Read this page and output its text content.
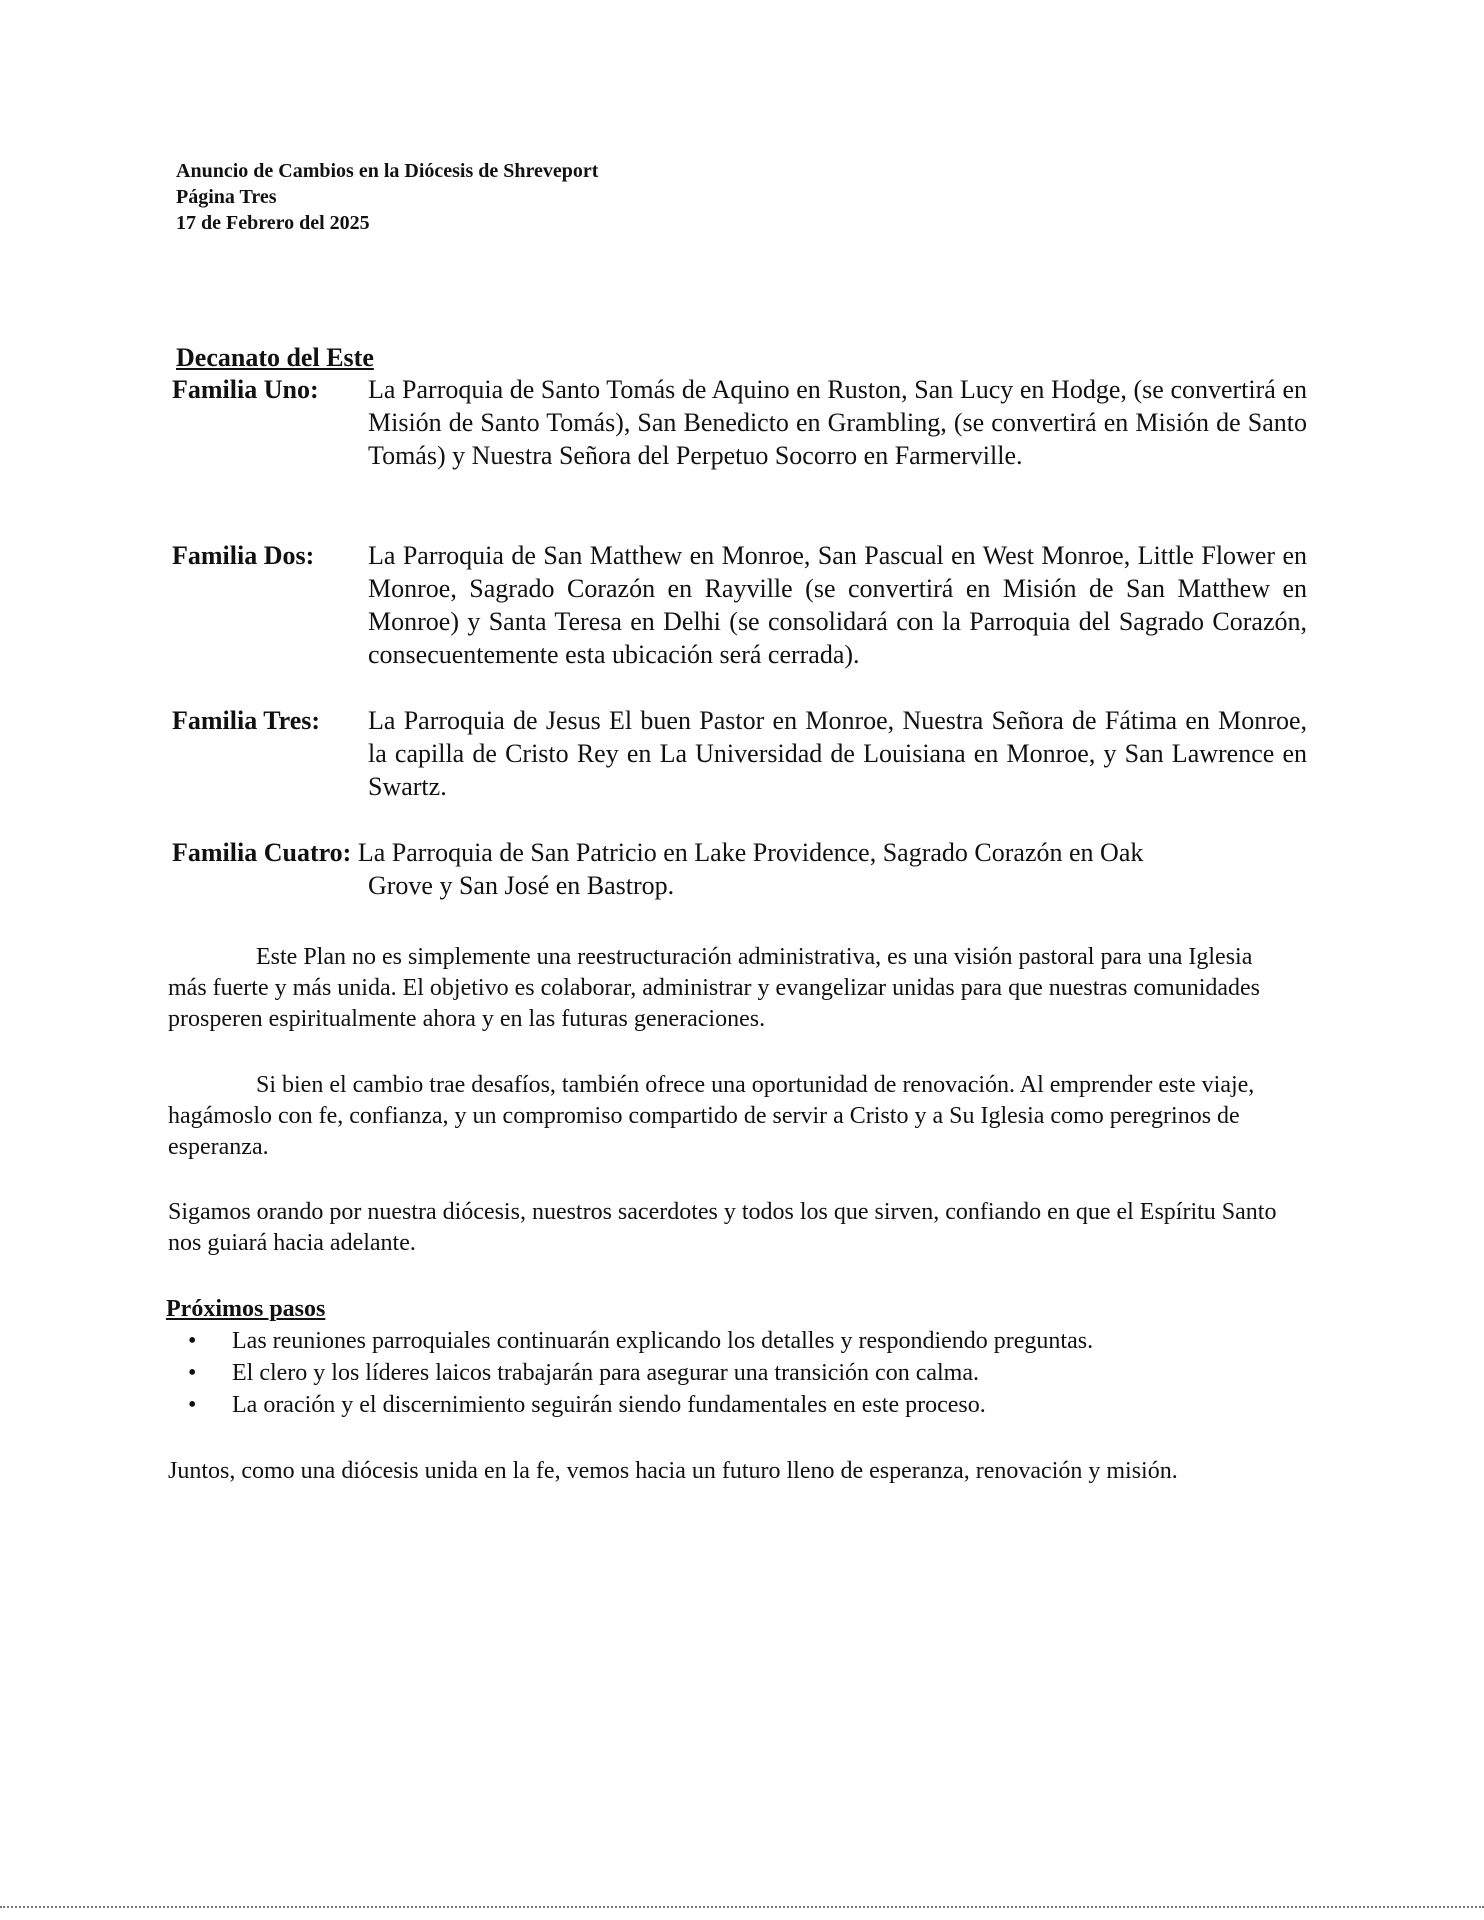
Anuncio de Cambios en la Diócesis de Shreveport
Página Tres
17 de Febrero del 2025
Decanato del Este
Familia Uno: La Parroquia de Santo Tomás de Aquino en Ruston, San Lucy en Hodge, (se convertirá en Misión de Santo Tomás), San Benedicto en Grambling, (se convertirá en Misión de Santo Tomás) y Nuestra Señora del Perpetuo Socorro en Farmerville.
Familia Dos: La Parroquia de San Matthew en Monroe, San Pascual en West Monroe, Little Flower en Monroe, Sagrado Corazón en Rayville (se convertirá en Misión de San Matthew en Monroe) y Santa Teresa en Delhi (se consolidará con la Parroquia del Sagrado Corazón, consecuentemente esta ubicación será cerrada).
Familia Tres: La Parroquia de Jesus El buen Pastor en Monroe, Nuestra Señora de Fátima en Monroe, la capilla de Cristo Rey en La Universidad de Louisiana en Monroe, y San Lawrence en Swartz.
Familia Cuatro: La Parroquia de San Patricio en Lake Providence, Sagrado Corazón en Oak
Grove y San José en Bastrop.
Este Plan no es simplemente una reestructuración administrativa, es una visión pastoral para una Iglesia más fuerte y más unida. El objetivo es colaborar, administrar y evangelizar unidas para que nuestras comunidades prosperen espiritualmente ahora y en las futuras generaciones.
Si bien el cambio trae desafíos, también ofrece una oportunidad de renovación. Al emprender este viaje, hagámoslo con fe, confianza, y un compromiso compartido de servir a Cristo y a Su Iglesia como peregrinos de esperanza.
Sigamos orando por nuestra diócesis, nuestros sacerdotes y todos los que sirven, confiando en que el Espíritu Santo nos guiará hacia adelante.
Próximos pasos
• Las reuniones parroquiales continuarán explicando los detalles y respondiendo preguntas.
• El clero y los líderes laicos trabajarán para asegurar una transición con calma.
• La oración y el discernimiento seguirán siendo fundamentales en este proceso.
Juntos, como una diócesis unida en la fe, vemos hacia un futuro lleno de esperanza, renovación y misión.
